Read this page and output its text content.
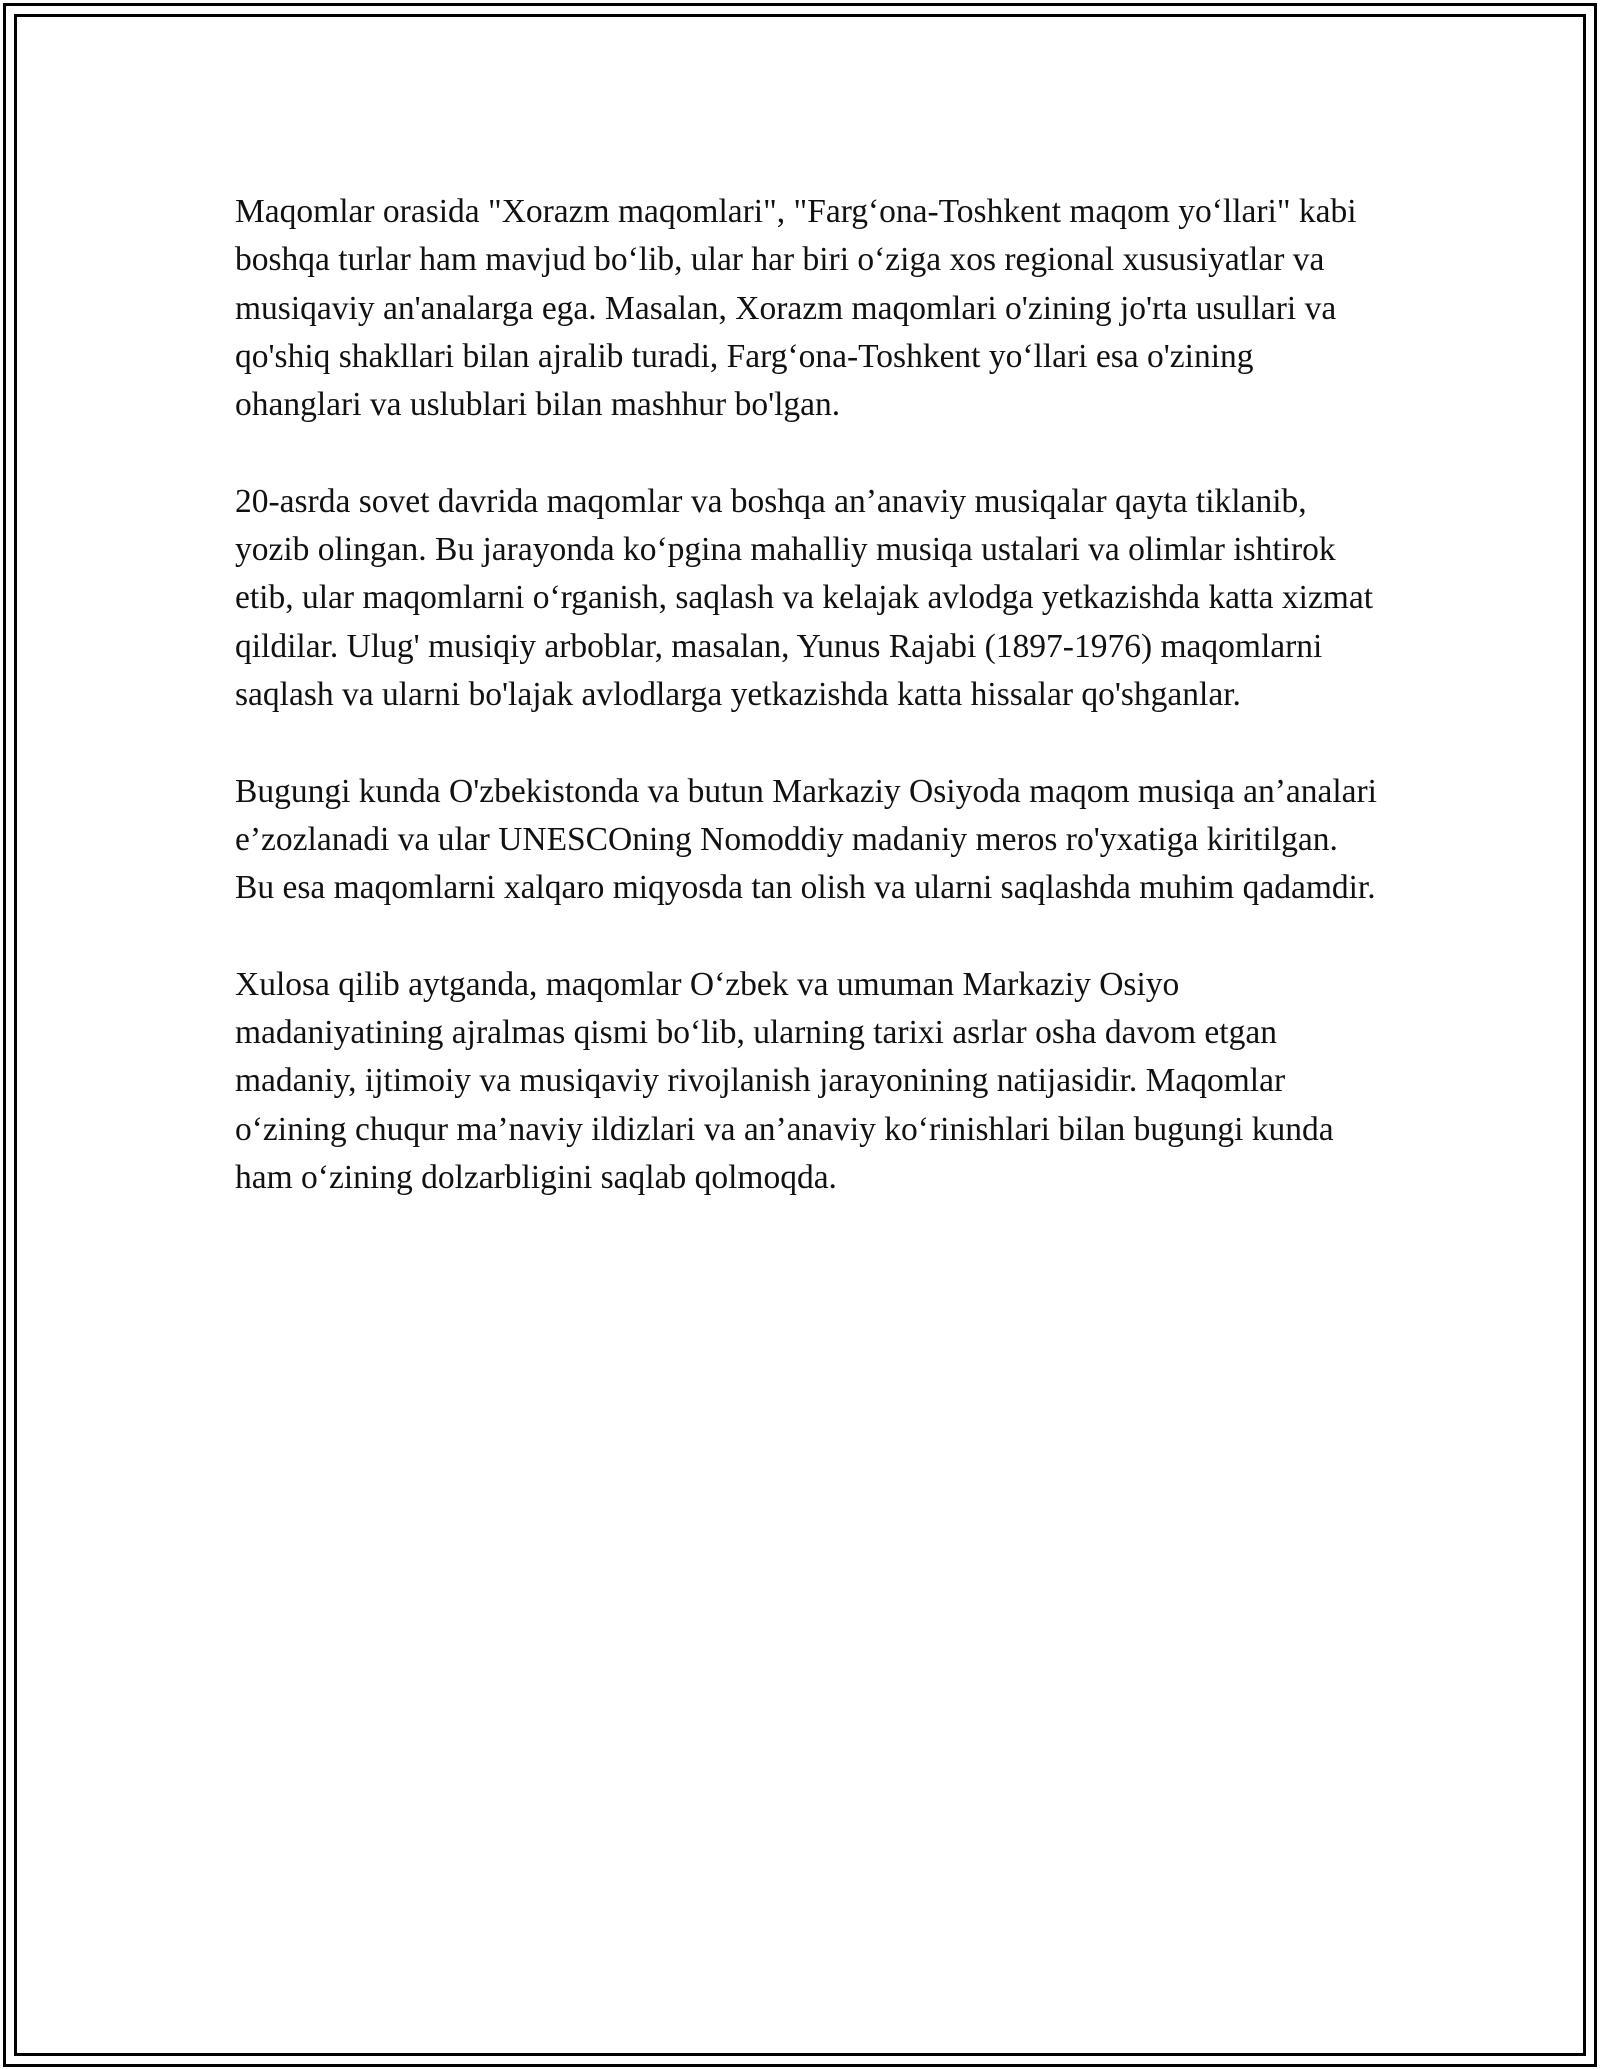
Maqomlar orasida "Xorazm maqomlari", "Farg‘ona-Toshkent maqom yo‘llari" kabi boshqa turlar ham mavjud bo‘lib, ular har biri o‘ziga xos regional xususiyatlar va musiqaviy an'analarga ega. Masalan, Xorazm maqomlari o'zining jo'rta usullari va qo'shiq shakllari bilan ajralib turadi, Farg‘ona-Toshkent yo‘llari esa o'zining ohanglari va uslublari bilan mashhur bo'lgan.

20-asrda sovet davrida maqomlar va boshqa an’anaviy musiqalar qayta tiklanib, yozib olingan. Bu jarayonda ko‘pgina mahalliy musiqa ustalari va olimlar ishtirok etib, ular maqomlarni o‘rganish, saqlash va kelajak avlodga yetkazishda katta xizmat qildilar. Ulug' musiqiy arboblar, masalan, Yunus Rajabi (1897-1976) maqomlarni saqlash va ularni bo'lajak avlodlarga yetkazishda katta hissalar qo'shganlar.

Bugungi kunda O'zbekistonda va butun Markaziy Osiyoda maqom musiqa an’analari e’zozlanadi va ular UNESCOning Nomoddiy madaniy meros ro'yxatiga kiritilgan. Bu esa maqomlarni xalqaro miqyosda tan olish va ularni saqlashda muhim qadamdir.

Xulosa qilib aytganda, maqomlar O‘zbek va umuman Markaziy Osiyo madaniyatining ajralmas qismi bo‘lib, ularning tarixi asrlar osha davom etgan madaniy, ijtimoiy va musiqaviy rivojlanish jarayonining natijasidir. Maqomlar o‘zining chuqur ma’naviy ildizlari va an’anaviy ko‘rinishlari bilan bugungi kunda ham o‘zining dolzarbligini saqlab qolmoqda.
